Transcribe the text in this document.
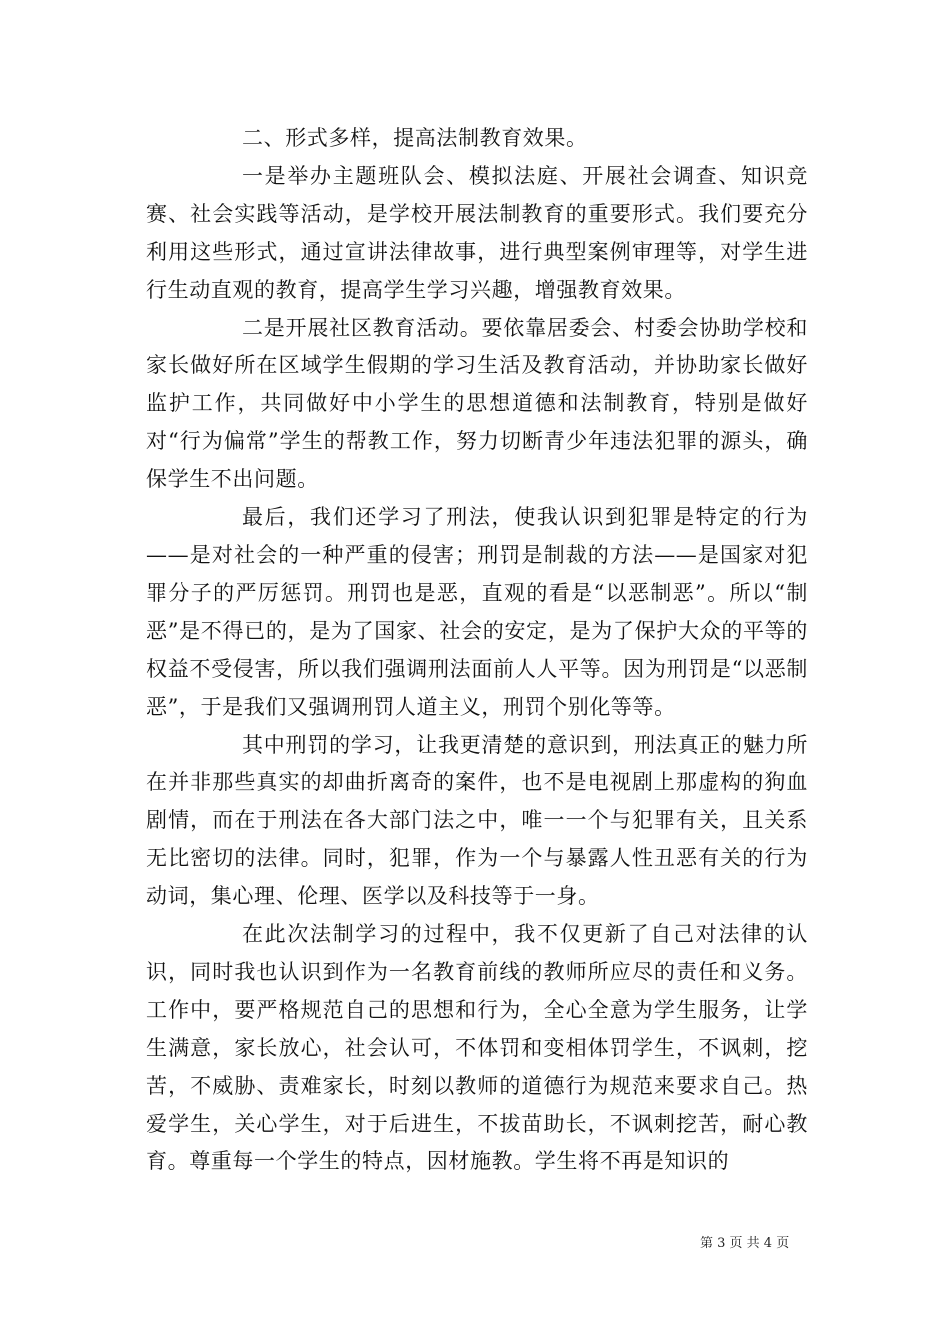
二、形式多样，提高法制教育效果。

一是举办主题班队会、模拟法庭、开展社会调查、知识竞赛、社会实践等活动，是学校开展法制教育的重要形式。我们要充分利用这些形式，通过宣讲法律故事，进行典型案例审理等，对学生进行生动直观的教育，提高学生学习兴趣，增强教育效果。

二是开展社区教育活动。要依靠居委会、村委会协助学校和家长做好所在区域学生假期的学习生活及教育活动，并协助家长做好监护工作，共同做好中小学生的思想道德和法制教育，特别是做好对“行为偏常”学生的帮教工作，努力切断青少年违法犯罪的源头，确保学生不出问题。

最后，我们还学习了刑法，使我认识到犯罪是特定的行为——是对社会的一种严重的侵害；刑罚是制裁的方法——是国家对犯罪分子的严厉惩罚。刑罚也是恶，直观的看是“以恶制恶”。所以“制恶”是不得已的，是为了国家、社会的安定，是为了保护大众的平等的权益不受侵害，所以我们强调刑法面前人人平等。因为刑罚是“以恶制恶”，于是我们又强调刑罚人道主义，刑罚个别化等等。

其中刑罚的学习，让我更清楚的意识到，刑法真正的魅力所在并非那些真实的却曲折离奇的案件，也不是电视剧上那虚构的狗血剧情，而在于刑法在各大部门法之中，唯一一个与犯罪有关，且关系无比密切的法律。同时，犯罪，作为一个与暴露人性丑恶有关的行为动词，集心理、伦理、医学以及科技等于一身。

在此次法制学习的过程中，我不仅更新了自己对法律的认识，同时我也认识到作为一名教育前线的教师所应尽的责任和义务。工作中，要严格规范自己的思想和行为，全心全意为学生服务，让学生满意，家长放心，社会认可，不体罚和变相体罚学生，不讽刺，挖苦，不威胁、责难家长，时刻以教师的道德行为规范来要求自己。热爱学生，关心学生，对于后进生，不拔苗助长，不讽刺挖苦，耐心教育。尊重每一个学生的特点，因材施教。学生将不再是知识的

第 3 页 共 4 页
